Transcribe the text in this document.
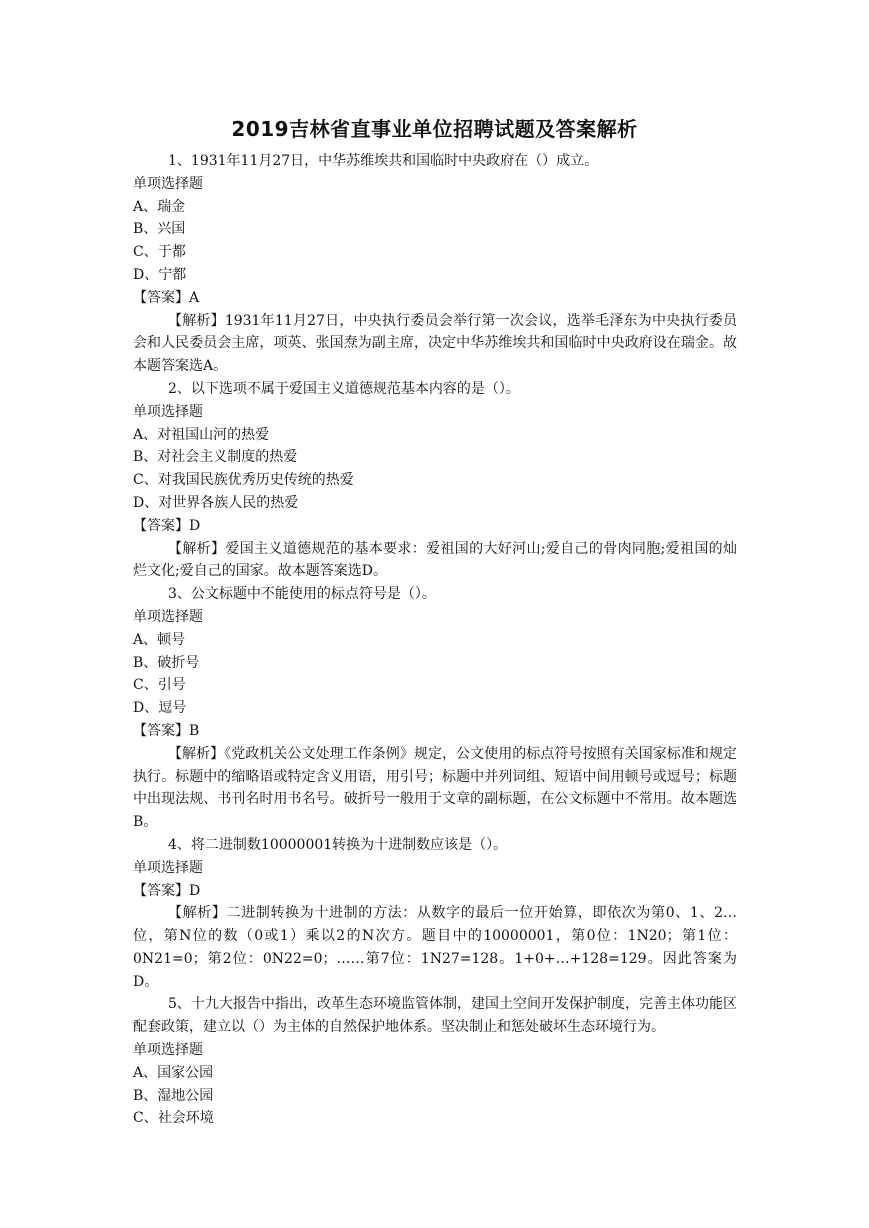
2019吉林省直事业单位招聘试题及答案解析

1、1931年11月27日，中华苏维埃共和国临时中央政府在（）成立。

单项选择题

A、瑞金

B、兴国

C、于都

D、宁都

【答案】A

【解析】1931年11月27日，中央执行委员会举行第一次会议，选举毛泽东为中央执行委员会和人民委员会主席，项英、张国焘为副主席，决定中华苏维埃共和国临时中央政府设在瑞金。故本题答案选A。

2、以下选项不属于爱国主义道德规范基本内容的是（）。

单项选择题

A、对祖国山河的热爱

B、对社会主义制度的热爱

C、对我国民族优秀历史传统的热爱

D、对世界各族人民的热爱

【答案】D

【解析】爱国主义道德规范的基本要求：爱祖国的大好河山;爱自己的骨肉同胞;爱祖国的灿烂文化;爱自己的国家。故本题答案选D。

3、公文标题中不能使用的标点符号是（）。

单项选择题

A、顿号

B、破折号

C、引号

D、逗号

【答案】B

【解析】《党政机关公文处理工作条例》规定，公文使用的标点符号按照有关国家标准和规定执行。标题中的缩略语或特定含义用语，用引号；标题中并列词组、短语中间用顿号或逗号；标题中出现法规、书刊名时用书名号。破折号一般用于文章的副标题，在公文标题中不常用。故本题选B。

4、将二进制数10000001转换为十进制数应该是（）。

单项选择题

【答案】D

【解析】二进制转换为十进制的方法：从数字的最后一位开始算，即依次为第0、1、2…位，第N位的数（0或1）乘以2的N次方。题目中的10000001，第0位：1N20；第1位：0N21=0；第2位：0N22=0；……第7位：1N27=128。1+0+…+128=129。因此答案为D。

5、十九大报告中指出，改革生态环境监管体制，建国土空间开发保护制度，完善主体功能区配套政策，建立以（）为主体的自然保护地体系。坚决制止和惩处破坏生态环境行为。

单项选择题

A、国家公园

B、湿地公园

C、社会环境
